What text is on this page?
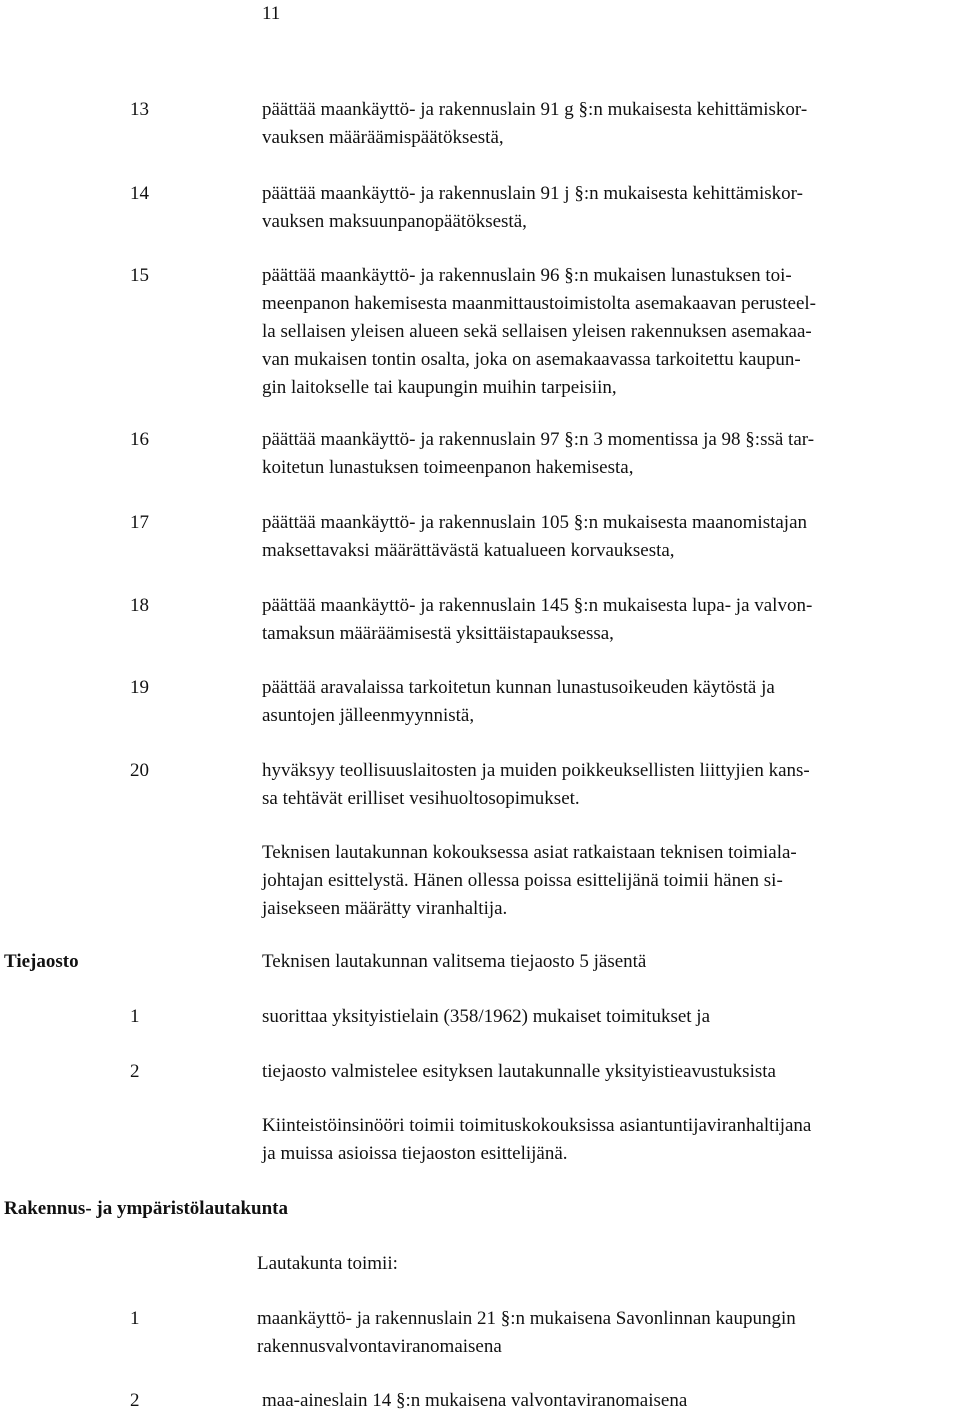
11
13	päättää maankäyttö- ja rakennuslain 91 g §:n mukaisesta kehittämiskor-
vauksen määräämispäätöksestä,
14	päättää maankäyttö- ja rakennuslain 91 j §:n mukaisesta kehittämiskor-
vauksen maksuunpanopäätöksestä,
15	päättää maankäyttö- ja rakennuslain 96 §:n mukaisen lunastuksen toi-
meenpanon hakemisesta maanmittaustoimistolta asemakaavan perusteel-
la sellaisen yleisen alueen sekä sellaisen yleisen rakennuksen asemakaa-
van mukaisen tontin osalta, joka on asemakaavassa tarkoitettu kaupun-
gin laitokselle tai kaupungin muihin tarpeisiin,
16	päättää maankäyttö- ja rakennuslain 97 §:n 3 momentissa ja 98 §:ssä tar-
koitetun lunastuksen toimeenpanon hakemisesta,
17	päättää maankäyttö- ja rakennuslain 105 §:n mukaisesta maanomistajan
maksettavaksi määrättävästä katualueen korvauksesta,
18	päättää maankäyttö- ja rakennuslain 145 §:n mukaisesta lupa- ja valvon-
tamaksun määräämisestä yksittäistapauksessa,
19	päättää aravalaissa tarkoitetun kunnan lunastusoikeuden käytöstä ja
asuntojen jälleenmyynnistä,
20	hyväksyy teollisuuslaitosten ja muiden poikkeuksellisten liittyjien kans-
sa tehtävät erilliset vesihuoltosopimukset.
Teknisen lautakunnan kokouksessa asiat ratkaistaan teknisen toimiala-
johtajan esittelystä. Hänen ollessa poissa esittelijänä toimii hänen si-
jaisekseen määrätty viranhaltija.
Tiejaosto	Teknisen lautakunnan valitsema tiejaosto 5 jäsentä
1	suorittaa yksityistielain (358/1962) mukaiset toimitukset ja
2	tiejaosto valmistelee esityksen lautakunnalle yksityistieavustuksista
Kiinteistöinsinööri toimii toimituskokouksissa asiantuntijaviranhaltijana
ja muissa asioissa tiejaoston esittelijänä.
Rakennus- ja ympäristölautakunta
Lautakunta toimii:
1	maankäyttö- ja rakennuslain 21 §:n mukaisena Savonlinnan kaupungin
rakennusvalvontaviranomaisena
2	maa-aineslain 14 §:n mukaisena valvontaviranomaisena
